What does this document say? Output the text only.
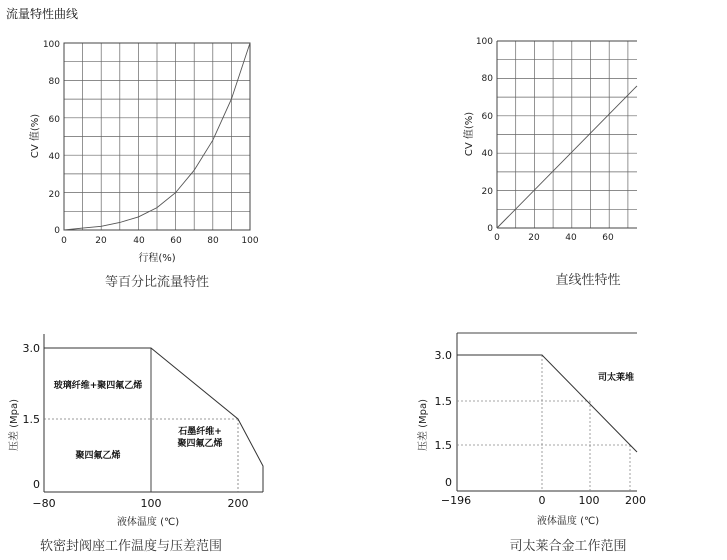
流量特性曲线
0
20
40
60
80
100
0	20	40	60	80	100
行程(%)
CV 值(%)
等百分比流量特性
0
20
40
60
80
100
0	20	40	60
CV 值(%)
直线性特性
3.0
1.5
0
−80	100	200
玻璃纤维+聚四氟乙烯
聚四氟乙烯
石墨纤维+
聚四氟乙烯
液体温度 (℃)
压差 (Mpa)
软密封阀座工作温度与压差范围
3.0
1.5
1.5
0
−196	0	100 200
司太莱堆
液体温度 (℃)
压差 (Mpa)
司太莱合金工作范围
